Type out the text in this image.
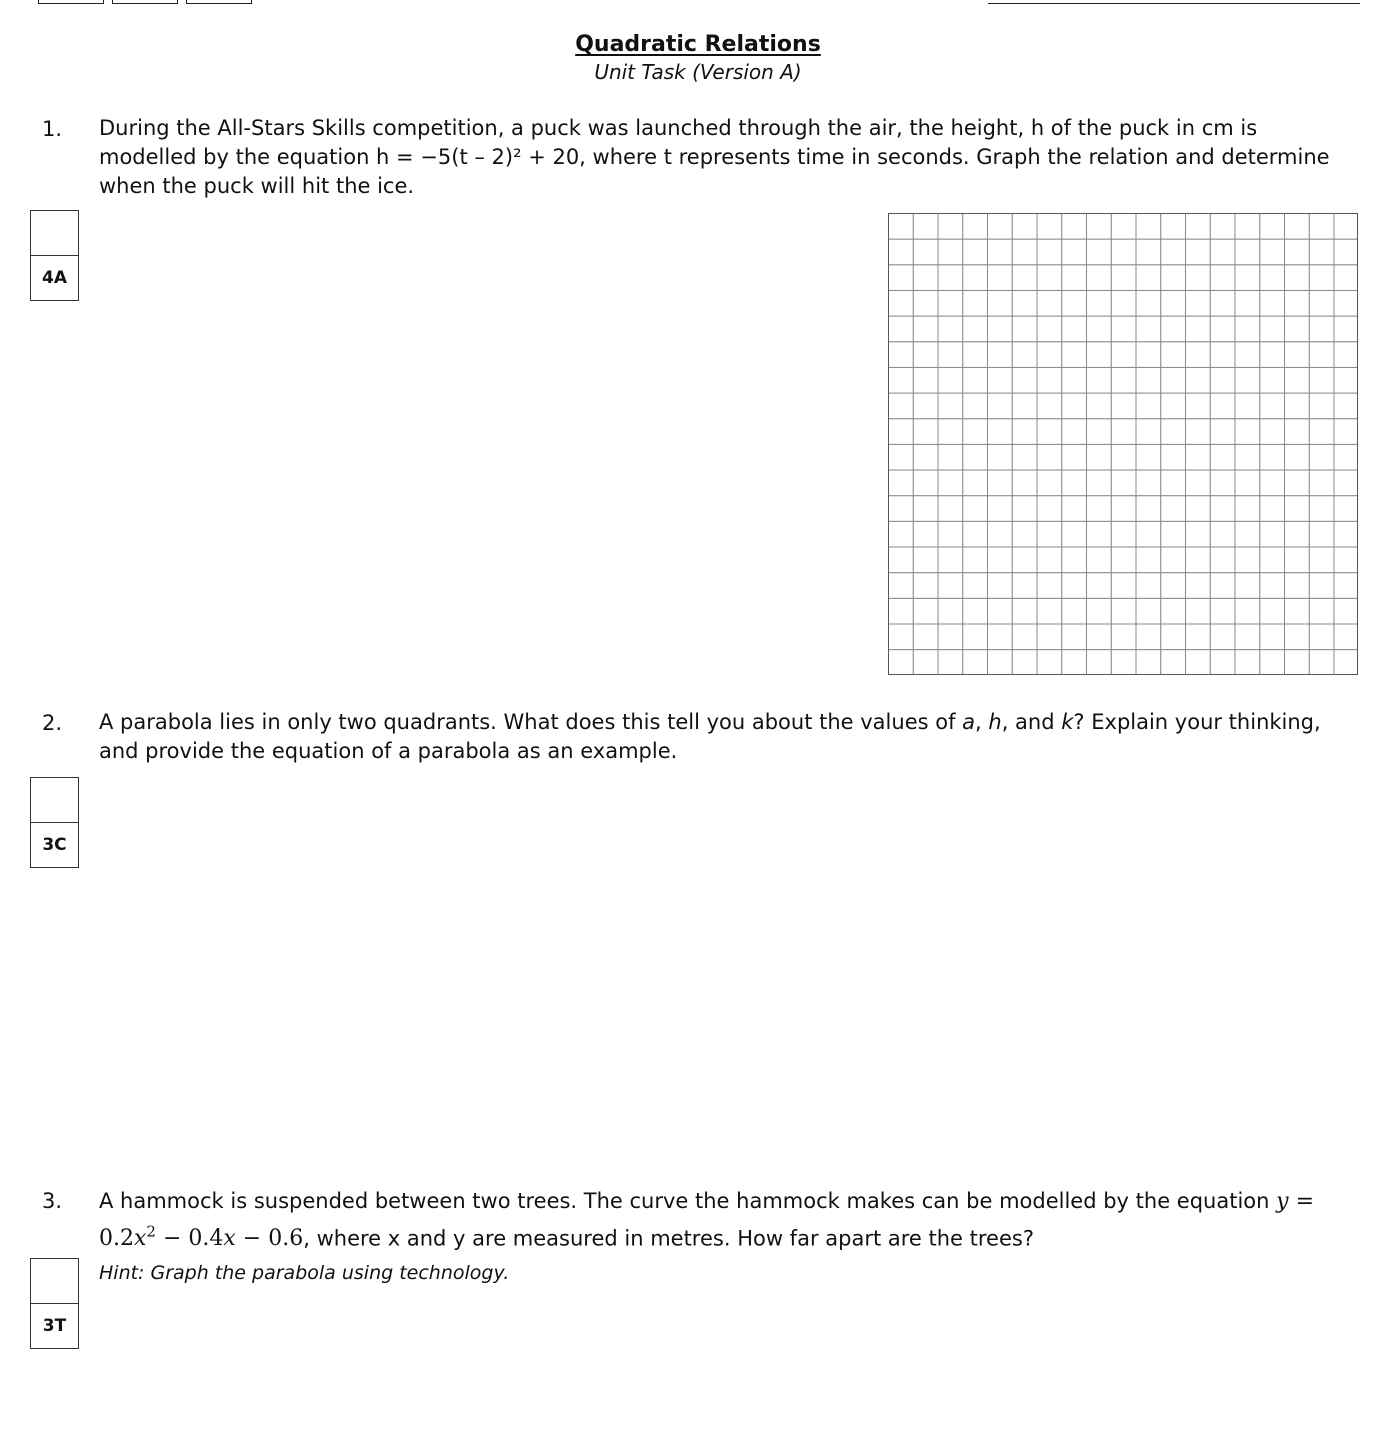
Quadratic Relations
Unit Task (Version A)
1. During the All-Stars Skills competition, a puck was launched through the air, the height, h of the puck in cm is modelled by the equation h = −5(t – 2)² + 20, where t represents time in seconds. Graph the relation and determine when the puck will hit the ice.
4A
2. A parabola lies in only two quadrants. What does this tell you about the values of a, h, and k? Explain your thinking, and provide the equation of a parabola as an example.
3C
3. A hammock is suspended between two trees. The curve the hammock makes can be modelled by the equation $y = 0.2x^2 - 0.4x - 0.6$, where x and y are measured in metres. How far apart are the trees?
Hint: Graph the parabola using technology.
3T
